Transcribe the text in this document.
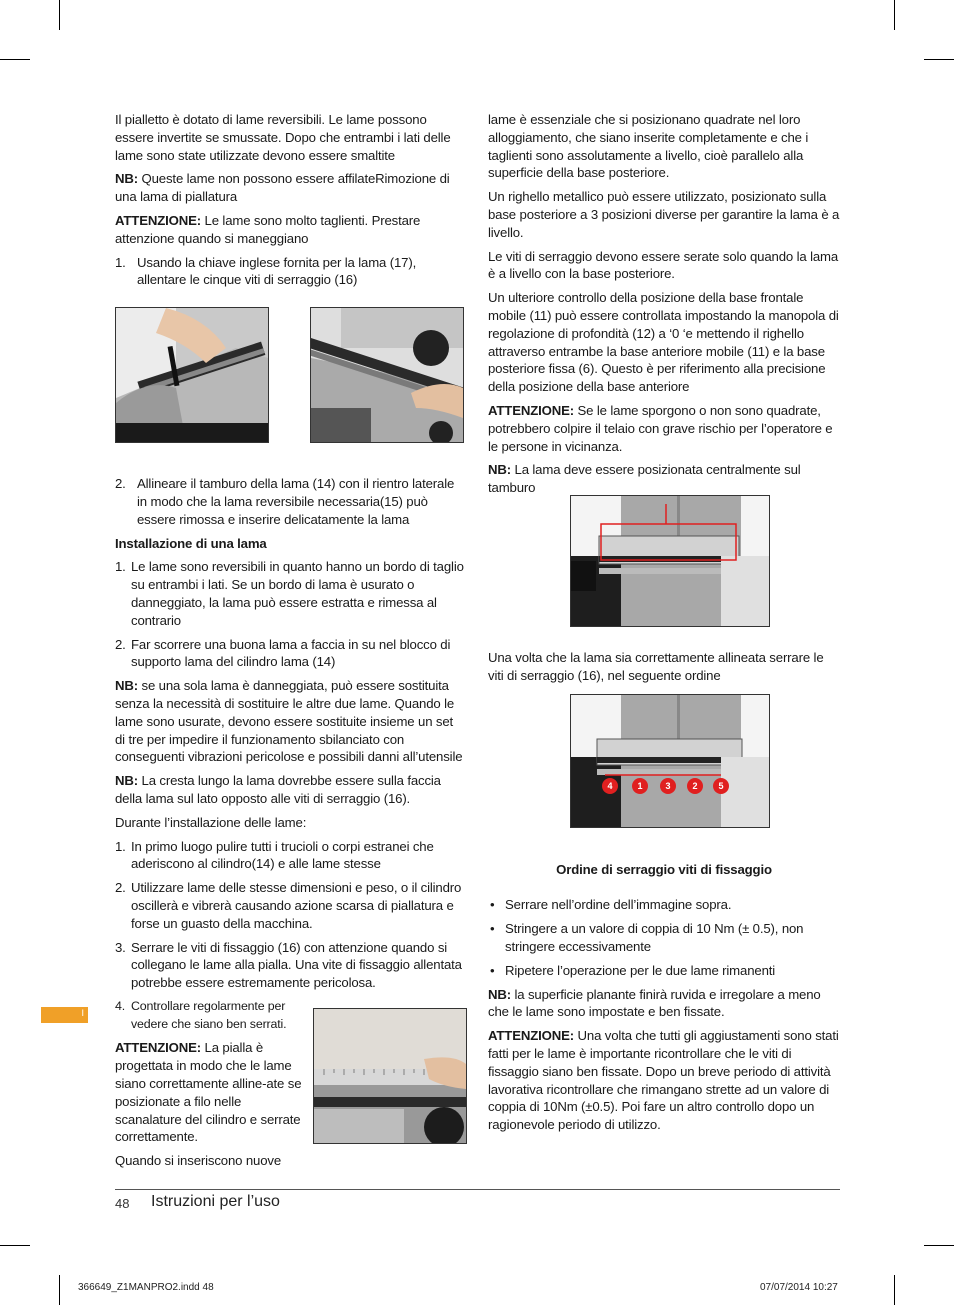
Il pialletto è dotato di lame reversibili. Le lame possono essere invertite se smussate. Dopo che entrambi i lati delle lame sono state utilizzate devono essere smaltite

NB: Queste lame non possono essere affilateRimozione di una lama di piallatura

ATTENZIONE: Le lame sono molto taglienti. Prestare attenzione quando si maneggiano

1. Usando la chiave inglese fornita per la lama (17), allentare le cinque viti di serraggio (16)
2. Allineare il tamburo della lama (14) con il rientro laterale in modo che la lama reversibile necessaria(15) può essere rimossa e inserire delicatamente la lama
Installazione di una lama
1. Le lame sono reversibili in quanto hanno un bordo di taglio su entrambi i lati. Se un bordo di lama è usurato o danneggiato, la lama può essere estratta e rimessa al contrario
2. Far scorrere una buona lama a faccia in su nel blocco di supporto lama del cilindro lama (14)

NB: se una sola lama è danneggiata, può essere sostituita senza la necessità di sostituire le altre due lame. Quando le lame sono usurate, devono essere sostituite insieme un set di tre per impedire il funzionamento sbilanciato con conseguenti vibrazioni pericolose e possibili danni all’utensile

NB: La cresta lungo la lama dovrebbe essere sulla faccia della lama sul lato opposto alle viti di serraggio (16).

Durante l’installazione delle lame:

1. In primo luogo pulire tutti i trucioli o corpi estranei che aderiscono al cilindro(14) e alle lame stesse
2. Utilizzare lame delle stesse dimensioni e peso, o il cilindro oscillerà e vibrerà causando azione scarsa di piallatura e forse un guasto della macchina.
3. Serrare le viti di fissaggio (16) con attenzione quando si collegano le lame alla pialla. Una vite di fissaggio allentata potrebbe essere estremamente pericolosa.
4. Controllare regolarmente per vedere che siano ben serrati.

ATTENZIONE: La pialla è progettata in modo che le lame siano correttamente alline-ate se posizionate a filo nelle scanalature del cilindro e serrate correttamente.

Quando si inseriscono nuove

lame è essenziale che si posizionano quadrate nel loro alloggiamento, che siano inserite completamente e che i taglienti sono assolutamente a livello, cioè parallelo alla superficie della base posteriore.

Un righello metallico può essere utilizzato, posizionato sulla base posteriore a 3 posizioni diverse per garantire la lama è a livello.

Le viti di serraggio devono essere serate solo quando la lama è a livello con la base posteriore.

Un ulteriore controllo della posizione della base frontale mobile (11) può essere controllata impostando la manopola di regolazione di profondità (12) a ‘0 ‘e mettendo il righello attraverso entrambe la base anteriore mobile (11) e la base posteriore fissa (6). Questo è per riferimento alla precisione della posizione della base anteriore

ATTENZIONE: Se le lame sporgono o non sono quadrate, potrebbero colpire il telaio con grave rischio per l’operatore e le persone in vicinanza.

NB: La lama deve essere posizionata centralmente sul tamburo

Una volta che la lama sia correttamente allineata serrare le viti di serraggio (16), nel seguente ordine

Ordine di serraggio viti di fissaggio
• Serrare nell’ordine dell’immagine sopra.
• Stringere a un valore di coppia di 10 Nm (± 0.5), non stringere eccessivamente
• Ripetere l’operazione per le due lame rimanenti

NB: la superficie planante finirà ruvida e irregolare a meno che le lame sono impostate e ben fissate.

ATTENZIONE: Una volta che tutti gli aggiustamenti sono stati fatti per le lame è importante ricontrollare che le viti di fissaggio siano ben fissate. Dopo un breve periodo di attività lavorativa ricontrollare che rimangano strette ad un valore di coppia di 10Nm (±0.5). Poi fare un altro controllo dopo un ragionevole periodo di utilizzo.

4	1	3	2	5
I
48 Istruzioni per l’uso
366649_Z1MANPRO2.indd 48	07/07/2014 10:27
